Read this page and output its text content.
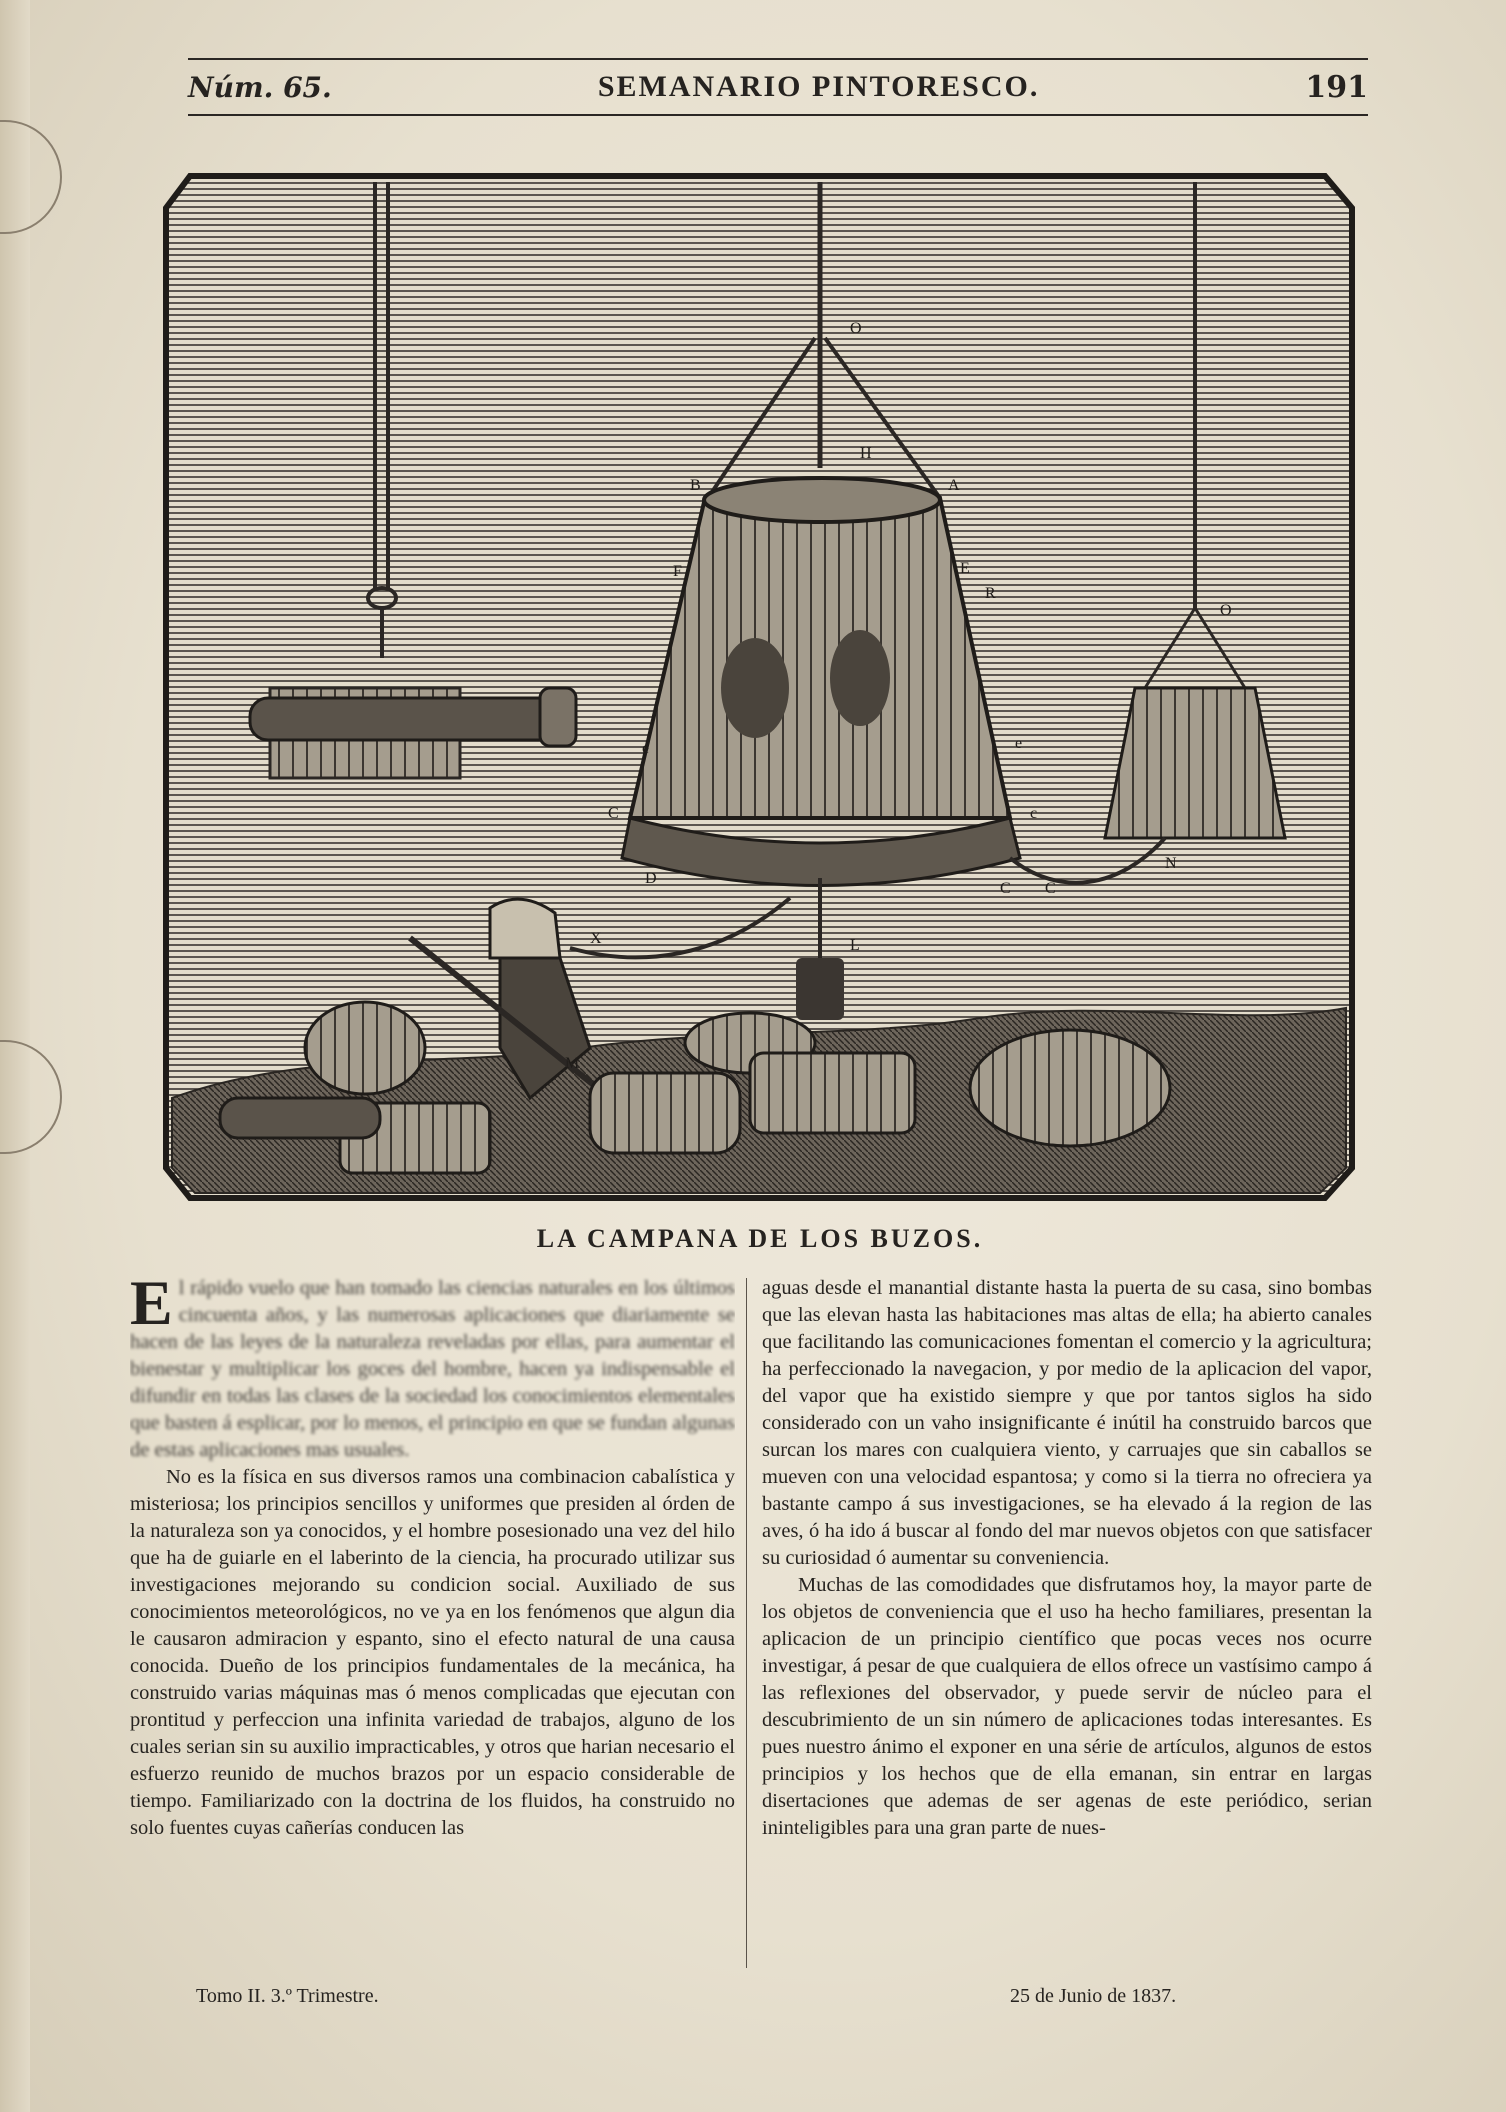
Núm. 65.	SEMANARIO PINTORESCO.	191
O
B
H
A
F	E
R
O
e	e
C	c
C C
D
N
X	L
M
LA CAMPANA DE LOS BUZOS.

El rápido vuelo que han tomado las ciencias naturales en los últimos cincuenta años, y las numerosas aplicaciones que diariamente se hacen de las leyes de la naturaleza reveladas por ellas, para aumentar el bienestar y multiplicar los goces del hombre, hacen ya indispensable el difundir en todas las clases de la sociedad los conocimientos elementales que basten á esplicar, por lo menos, el principio en que se fundan algunas de estas aplicaciones mas usuales.

No es la física en sus diversos ramos una combinacion cabalística y misteriosa; los principios sencillos y uniformes que presiden al órden de la naturaleza son ya conocidos, y el hombre posesionado una vez del hilo que ha de guiarle en el laberinto de la ciencia, ha procurado utilizar sus investigaciones mejorando su condicion social. Auxiliado de sus conocimientos meteorológicos, no ve ya en los fenómenos que algun dia le causaron admiracion y espanto, sino el efecto natural de una causa conocida. Dueño de los principios fundamentales de la mecánica, ha construido varias máquinas mas ó menos complicadas que ejecutan con prontitud y perfeccion una infinita variedad de trabajos, alguno de los cuales serian sin su auxilio impracticables, y otros que harian necesario el esfuerzo reunido de muchos brazos por un espacio considerable de tiempo. Familiarizado con la doctrina de los fluidos, ha construido no solo fuentes cuyas cañerías conducen las

aguas desde el manantial distante hasta la puerta de su casa, sino bombas que las elevan hasta las habitaciones mas altas de ella; ha abierto canales que facilitando las comunicaciones fomentan el comercio y la agricultura; ha perfeccionado la navegacion, y por medio de la aplicacion del vapor, del vapor que ha existido siempre y que por tantos siglos ha sido considerado con un vaho insignificante é inútil ha construido barcos que surcan los mares con cualquiera viento, y carruajes que sin caballos se mueven con una velocidad espantosa; y como si la tierra no ofreciera ya bastante campo á sus investigaciones, se ha elevado á la region de las aves, ó ha ido á buscar al fondo del mar nuevos objetos con que satisfacer su curiosidad ó aumentar su conveniencia.

Muchas de las comodidades que disfrutamos hoy, la mayor parte de los objetos de conveniencia que el uso ha hecho familiares, presentan la aplicacion de un principio científico que pocas veces nos ocurre investigar, á pesar de que cualquiera de ellos ofrece un vastísimo campo á las reflexiones del observador, y puede servir de núcleo para el descubrimiento de un sin número de aplicaciones todas interesantes. Es pues nuestro ánimo el exponer en una série de artículos, algunos de estos principios y los hechos que de ella emanan, sin entrar en largas disertaciones que ademas de ser agenas de este periódico, serian ininteligibles para una gran parte de nues-

Tomo II. 3.º Trimestre.	25 de Junio de 1837.
